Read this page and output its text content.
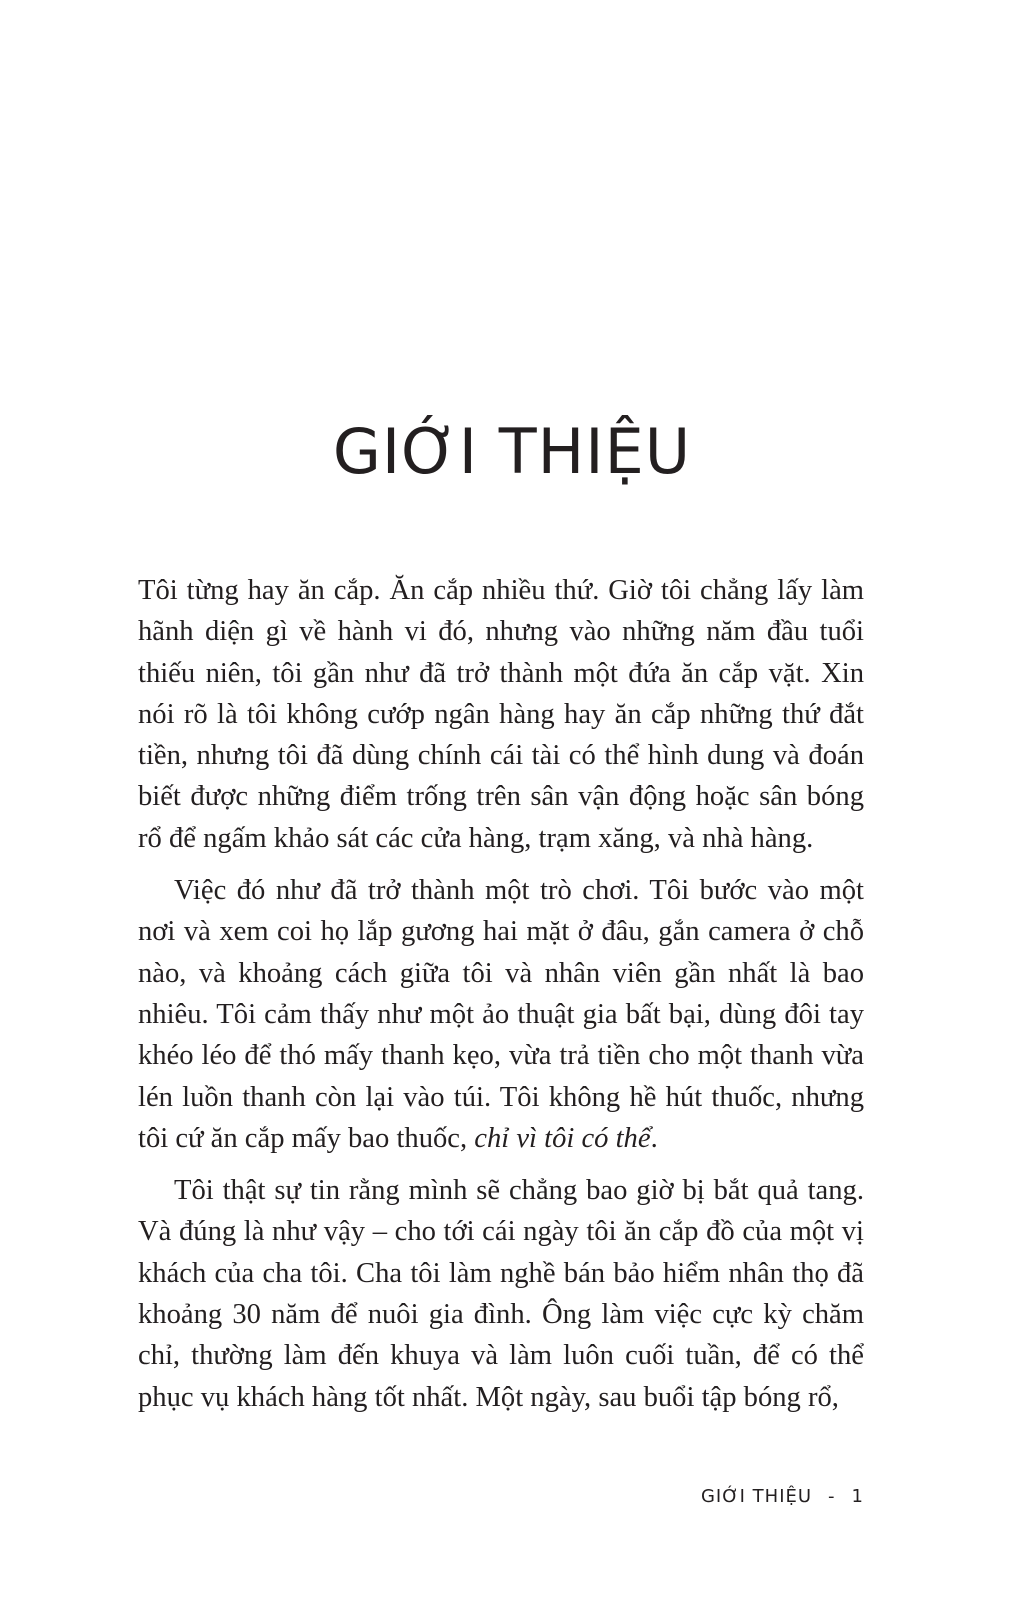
GIỚI THIỆU

Tôi từng hay ăn cắp. Ăn cắp nhiều thứ. Giờ tôi chẳng lấy làm hãnh diện gì về hành vi đó, nhưng vào những năm đầu tuổi thiếu niên, tôi gần như đã trở thành một đứa ăn cắp vặt. Xin nói rõ là tôi không cướp ngân hàng hay ăn cắp những thứ đắt tiền, nhưng tôi đã dùng chính cái tài có thể hình dung và đoán biết được những điểm trống trên sân vận động hoặc sân bóng rổ để ngấm khảo sát các cửa hàng, trạm xăng, và nhà hàng.

Việc đó như đã trở thành một trò chơi. Tôi bước vào một nơi và xem coi họ lắp gương hai mặt ở đâu, gắn camera ở chỗ nào, và khoảng cách giữa tôi và nhân viên gần nhất là bao nhiêu. Tôi cảm thấy như một ảo thuật gia bất bại, dùng đôi tay khéo léo để thó mấy thanh kẹo, vừa trả tiền cho một thanh vừa lén luồn thanh còn lại vào túi. Tôi không hề hút thuốc, nhưng tôi cứ ăn cắp mấy bao thuốc, chỉ vì tôi có thể.

Tôi thật sự tin rằng mình sẽ chẳng bao giờ bị bắt quả tang. Và đúng là như vậy – cho tới cái ngày tôi ăn cắp đồ của một vị khách của cha tôi. Cha tôi làm nghề bán bảo hiểm nhân thọ đã khoảng 30 năm để nuôi gia đình. Ông làm việc cực kỳ chăm chỉ, thường làm đến khuya và làm luôn cuối tuần, để có thể phục vụ khách hàng tốt nhất. Một ngày, sau buổi tập bóng rổ,

GIỚI THIỆU - 1
